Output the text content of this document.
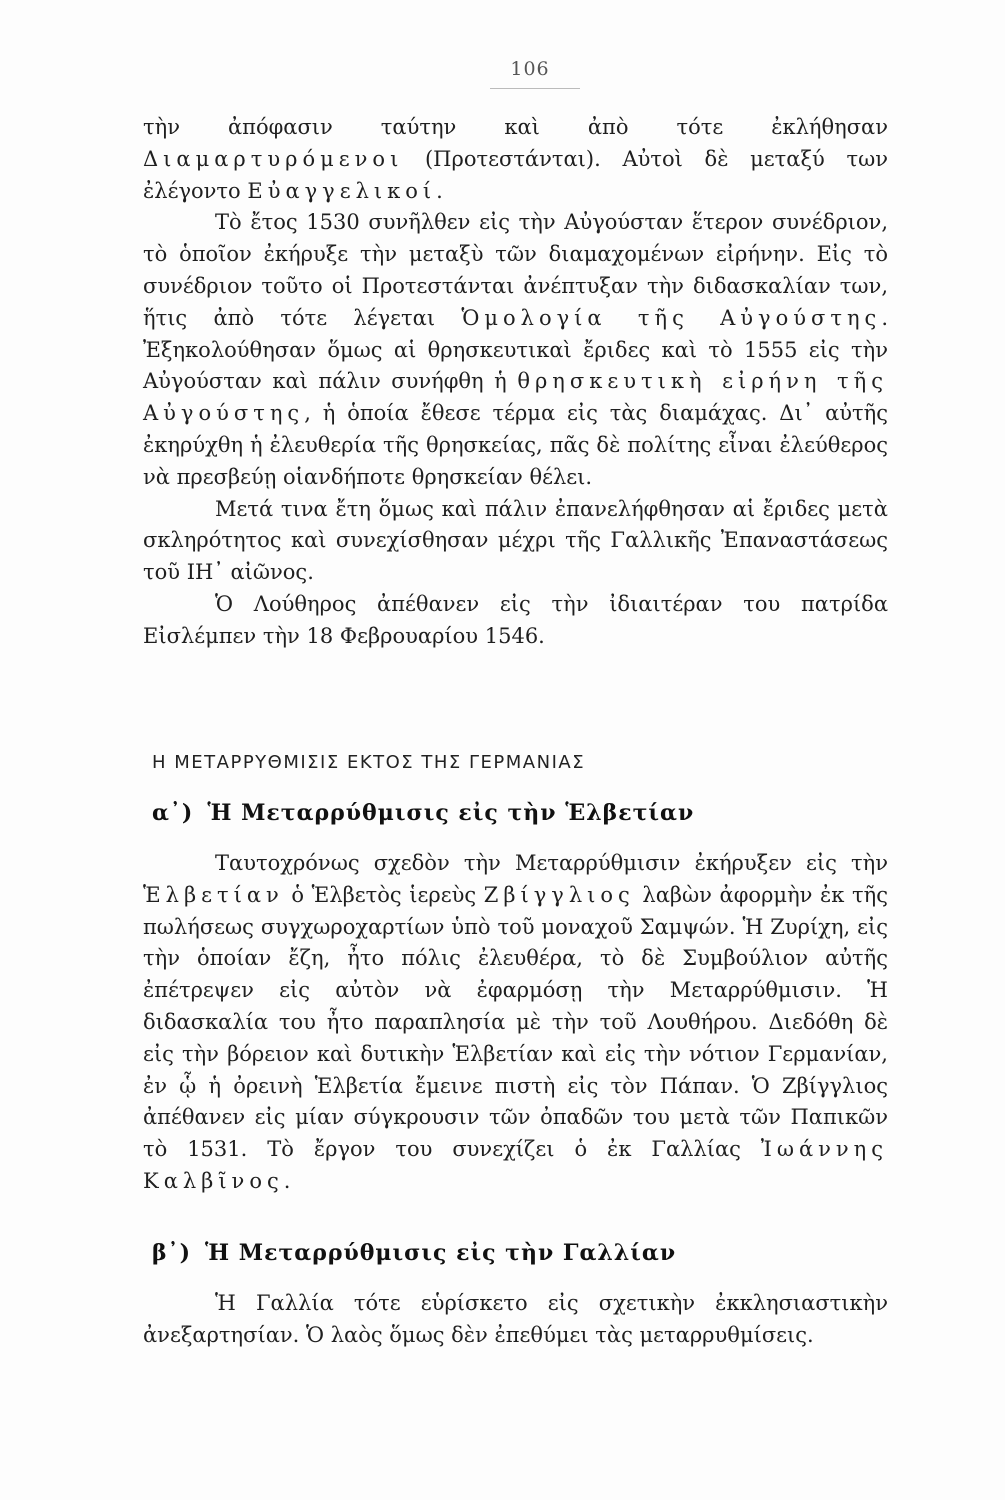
106

τὴν ἀπόφασιν ταύτην καὶ ἀπὸ τότε ἐκλήθησαν Διαμαρτυρόμενοι (Προτεστάνται). Αὐτοὶ δὲ μεταξύ των ἐλέγοντο Εὐαγγελικοί.

Τὸ ἔτος 1530 συνῆλθεν εἰς τὴν Αὐγούσταν ἕτερον συνέδριον, τὸ ὁποῖον ἐκήρυξε τὴν μεταξὺ τῶν διαμαχομένων εἰρήνην. Εἰς τὸ συνέδριον τοῦτο οἱ Προτεστάνται ἀνέπτυξαν τὴν διδασκαλίαν των, ἥτις ἀπὸ τότε λέγεται Ὁμολογία τῆς Αὐγούστης. Ἐξηκολούθησαν ὅμως αἱ θρησκευτικαὶ ἔριδες καὶ τὸ 1555 εἰς τὴν Αὐγούσταν καὶ πάλιν συνήφθη ἡ θρησκευτικὴ εἰρήνη τῆς Αὐγούστης, ἡ ὁποία ἔθεσε τέρμα εἰς τὰς διαμάχας. Δι᾽ αὐτῆς ἐκηρύχθη ἡ ἐλευθερία τῆς θρησκείας, πᾶς δὲ πολίτης εἶναι ἐλεύθερος νὰ πρεσβεύῃ οἱανδήποτε θρησκείαν θέλει.

Μετά τινα ἔτη ὅμως καὶ πάλιν ἐπανελήφθησαν αἱ ἔριδες μετὰ σκληρότητος καὶ συνεχίσθησαν μέχρι τῆς Γαλλικῆς Ἐπαναστάσεως τοῦ ΙΗ᾽ αἰῶνος.

Ὁ Λούθηρος ἀπέθανεν εἰς τὴν ἰδιαιτέραν του πατρίδα Εἰσλέμπεν τὴν 18 Φεβρουαρίου 1546.

Η ΜΕΤΑΡΡΥΘΜΙΣΙΣ ΕΚΤΟΣ ΤΗΣ ΓΕΡΜΑΝΙΑΣ
α᾽) Ἡ Μεταρρύθμισις εἰς τὴν Ἑλβετίαν

Ταυτοχρόνως σχεδὸν τὴν Μεταρρύθμισιν ἐκήρυξεν εἰς τὴν Ἑλβετίαν ὁ Ἑλβετὸς ἱερεὺς Ζβίγγλιος λαβὼν ἀφορμὴν ἐκ τῆς πωλήσεως συγχωροχαρτίων ὑπὸ τοῦ μοναχοῦ Σαμψών. Ἡ Ζυρίχη, εἰς τὴν ὁποίαν ἔζη, ἦτο πόλις ἐλευθέρα, τὸ δὲ Συμβούλιον αὐτῆς ἐπέτρεψεν εἰς αὐτὸν νὰ ἐφαρμόσῃ τὴν Μεταρρύθμισιν. Ἡ διδασκαλία του ἦτο παραπλησία μὲ τὴν τοῦ Λουθήρου. Διεδόθη δὲ εἰς τὴν βόρειον καὶ δυτικὴν Ἑλβετίαν καὶ εἰς τὴν νότιον Γερμανίαν, ἐν ᾧ ἡ ὀρεινὴ Ἑλβετία ἔμεινε πιστὴ εἰς τὸν Πάπαν. Ὁ Ζβίγγλιος ἀπέθανεν εἰς μίαν σύγκρουσιν τῶν ὀπαδῶν του μετὰ τῶν Παπικῶν τὸ 1531. Τὸ ἔργον του συνεχίζει ὁ ἐκ Γαλλίας Ἰωάννης Καλβῖνος.

β᾽) Ἡ Μεταρρύθμισις εἰς τὴν Γαλλίαν

Ἡ Γαλλία τότε εὑρίσκετο εἰς σχετικὴν ἐκκλησιαστικὴν ἀνεξαρτησίαν. Ὁ λαὸς ὅμως δὲν ἐπεθύμει τὰς μεταρρυθμίσεις.
